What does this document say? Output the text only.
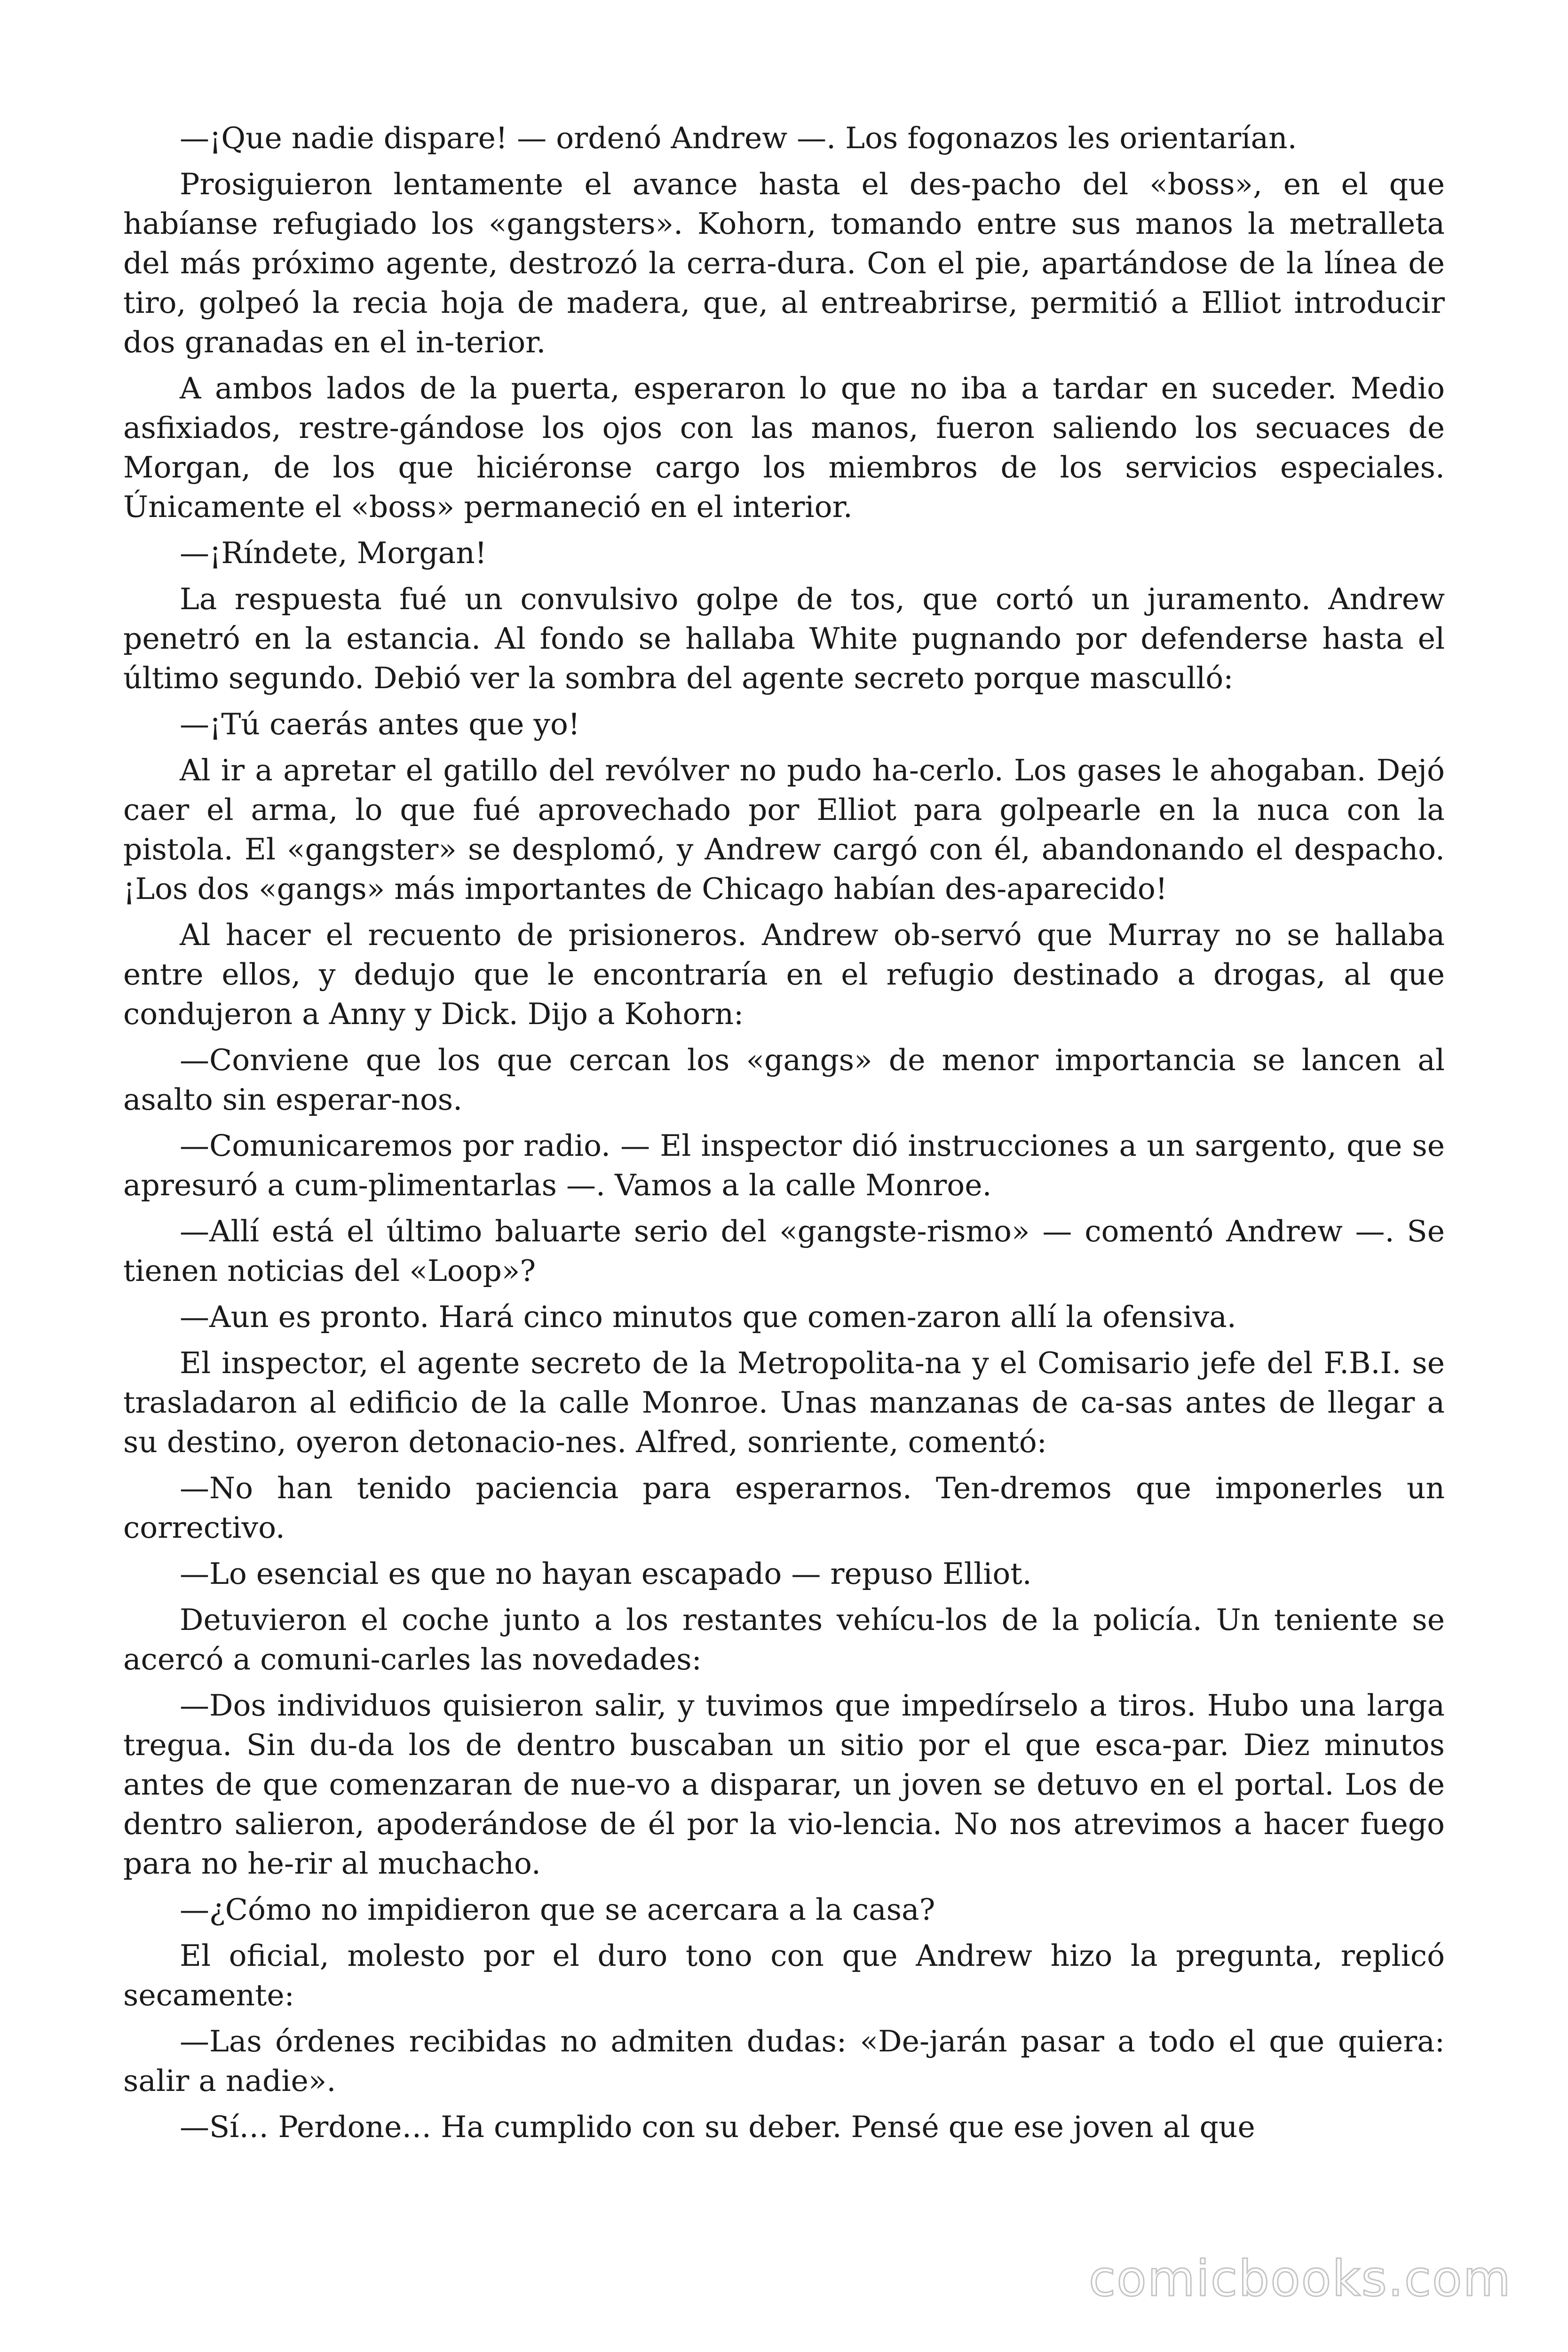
—¡Que nadie dispare! — ordenó Andrew —. Los fogonazos les orientarían.

Prosiguieron lentamente el avance hasta el des-pacho del «boss», en el que habíanse refugiado los «gangsters». Kohorn, tomando entre sus manos la metralleta del más próximo agente, destrozó la cerra-dura. Con el pie, apartándose de la línea de tiro, golpeó la recia hoja de madera, que, al entreabrirse, permitió a Elliot introducir dos granadas en el in-terior.

A ambos lados de la puerta, esperaron lo que no iba a tardar en suceder. Medio asfixiados, restre-gándose los ojos con las manos, fueron saliendo los secuaces de Morgan, de los que hiciéronse cargo los miembros de los servicios especiales. Únicamente el «boss» permaneció en el interior.

—¡Ríndete, Morgan!

La respuesta fué un convulsivo golpe de tos, que cortó un juramento. Andrew penetró en la estancia. Al fondo se hallaba White pugnando por defenderse hasta el último segundo. Debió ver la sombra del agente secreto porque masculló:

—¡Tú caerás antes que yo!

Al ir a apretar el gatillo del revólver no pudo ha-cerlo. Los gases le ahogaban. Dejó caer el arma, lo que fué aprovechado por Elliot para golpearle en la nuca con la pistola. El «gangster» se desplomó, y Andrew cargó con él, abandonando el despacho. ¡Los dos «gangs» más importantes de Chicago habían des-aparecido!

Al hacer el recuento de prisioneros. Andrew ob-servó que Murray no se hallaba entre ellos, y dedujo que le encontraría en el refugio destinado a drogas, al que condujeron a Anny y Dick. Dijo a Kohorn:

—Conviene que los que cercan los «gangs» de menor importancia se lancen al asalto sin esperar-nos.

—Comunicaremos por radio. — El inspector dió instrucciones a un sargento, que se apresuró a cum-plimentarlas —. Vamos a la calle Monroe.

—Allí está el último baluarte serio del «gangste-rismo» — comentó Andrew —. Se tienen noticias del «Loop»?

—Aun es pronto. Hará cinco minutos que comen-zaron allí la ofensiva.

El inspector, el agente secreto de la Metropolita-na y el Comisario jefe del F.B.I. se trasladaron al edificio de la calle Monroe. Unas manzanas de ca-sas antes de llegar a su destino, oyeron detonacio-nes. Alfred, sonriente, comentó:

—No han tenido paciencia para esperarnos. Ten-dremos que imponerles un correctivo.

—Lo esencial es que no hayan escapado — repuso Elliot.

Detuvieron el coche junto a los restantes vehícu-los de la policía. Un teniente se acercó a comuni-carles las novedades:

—Dos individuos quisieron salir, y tuvimos que impedírselo a tiros. Hubo una larga tregua. Sin du-da los de dentro buscaban un sitio por el que esca-par. Diez minutos antes de que comenzaran de nue-vo a disparar, un joven se detuvo en el portal. Los de dentro salieron, apoderándose de él por la vio-lencia. No nos atrevimos a hacer fuego para no he-rir al muchacho.

—¿Cómo no impidieron que se acercara a la casa?

El oficial, molesto por el duro tono con que Andrew hizo la pregunta, replicó secamente:

—Las órdenes recibidas no admiten dudas: «De-jarán pasar a todo el que quiera: salir a nadie».

—Sí… Perdone… Ha cumplido con su deber. Pensé que ese joven al que

comicbooks.com
